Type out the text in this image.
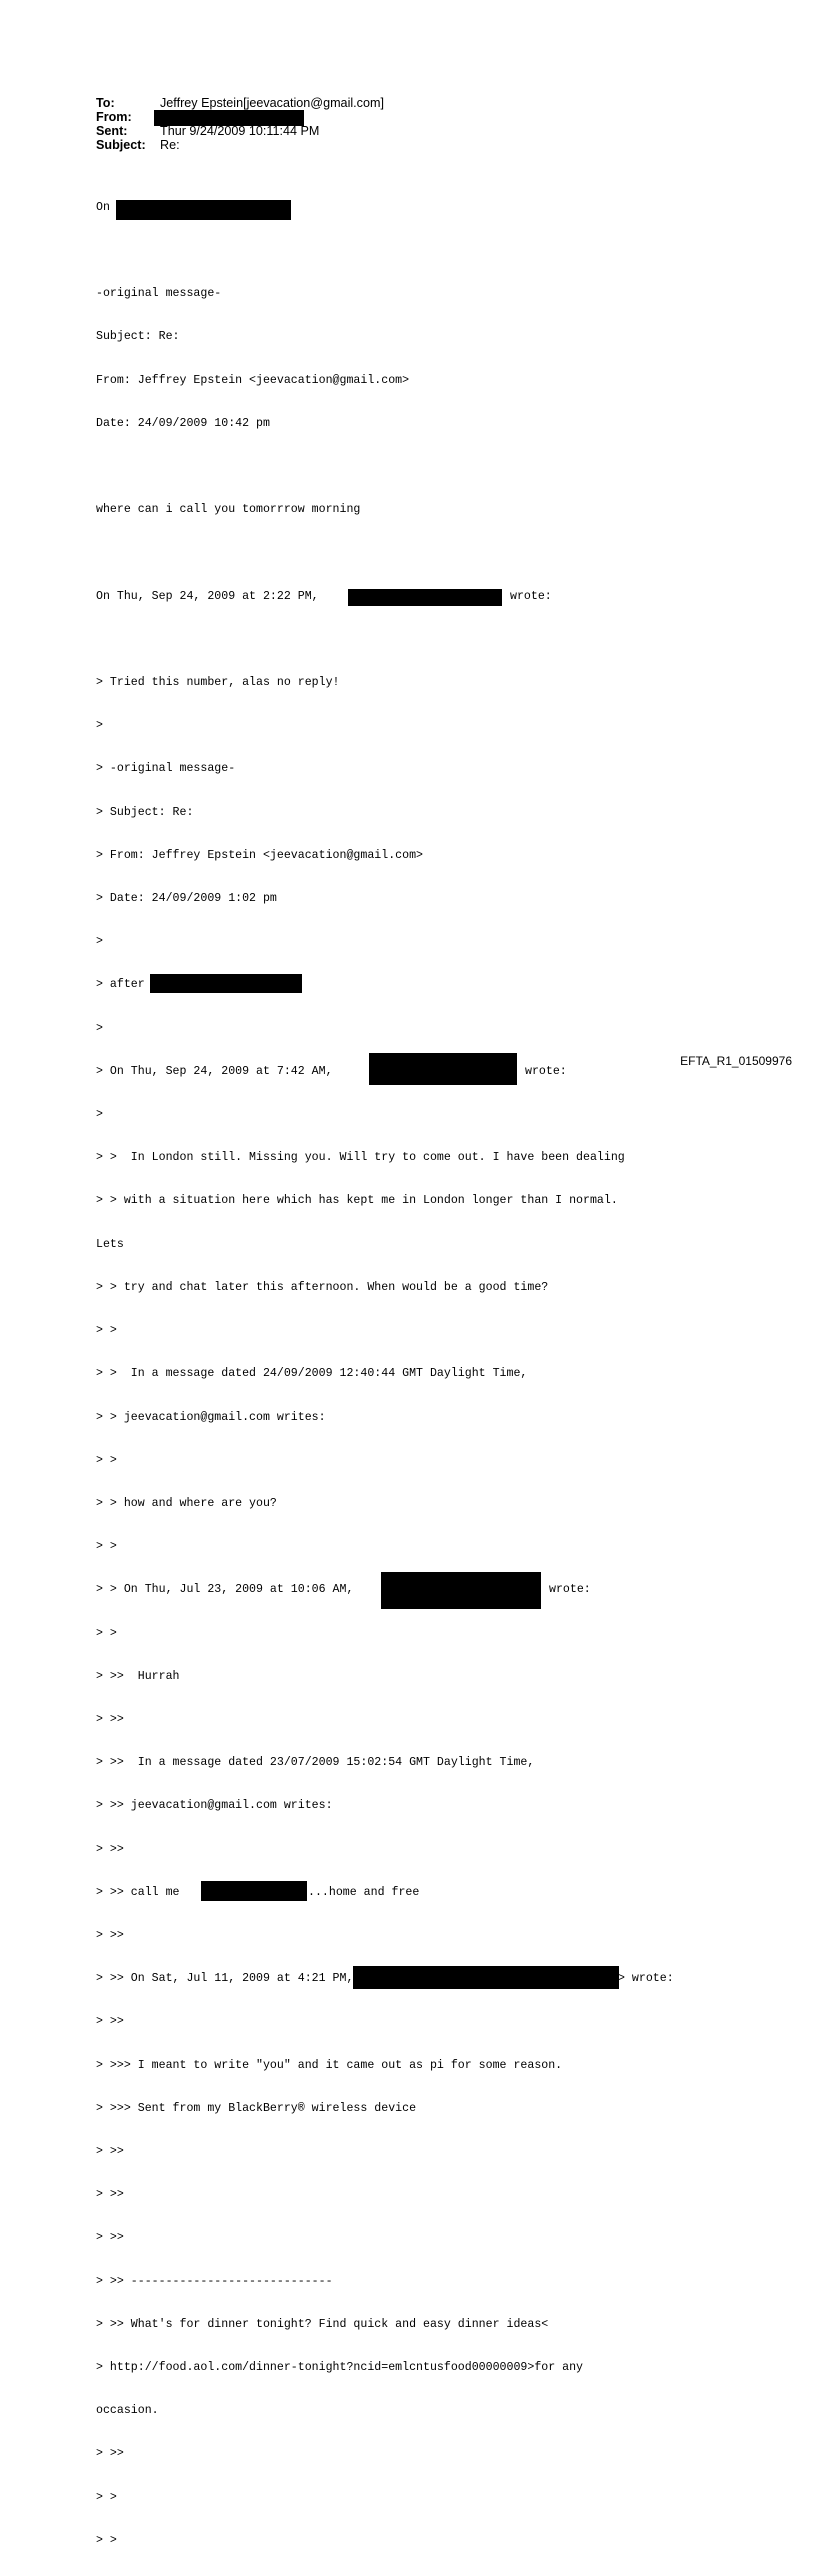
To:	Jeffrey Epstein[jeevacation@gmail.com]
From:
Sent:	Thur 9/24/2009 10:11:44 PM
Subject: Re:

On

-original message-

Subject: Re:

From: Jeffrey Epstein <jeevacation@gmail.com>

Date: 24/09/2009 10:42 pm

where can i call you tomorrrow morning

On Thu, Sep 24, 2009 at 2:22 PM,	wrote:

> Tried this number, alas no reply!

>

> -original message-

> Subject: Re:

> From: Jeffrey Epstein <jeevacation@gmail.com>

> Date: 24/09/2009 1:02 pm

>

> after

>

> On Thu, Sep 24, 2009 at 7:42 AM,	wrote:

>

> >  In London still. Missing you. Will try to come out. I have been dealing

> > with a situation here which has kept me in London longer than I normal.

Lets

> > try and chat later this afternoon. When would be a good time?

> >

> >  In a message dated 24/09/2009 12:40:44 GMT Daylight Time,

> > jeevacation@gmail.com writes:

> >

> > how and where are you?

> >

> > On Thu, Jul 23, 2009 at 10:06 AM,	wrote:

> >

> >>  Hurrah

> >>

> >>  In a message dated 23/07/2009 15:02:54 GMT Daylight Time,

> >> jeevacation@gmail.com writes:

> >>

> >> call me	...home and free

> >>

> >> On Sat, Jul 11, 2009 at 4:21 PM,	> wrote:

> >>

> >>> I meant to write "you" and it came out as pi for some reason.

> >>> Sent from my BlackBerry® wireless device

> >>

> >>

> >>

> >> -----------------------------

> >> What's for dinner tonight? Find quick and easy dinner ideas<

> http://food.aol.com/dinner-tonight?ncid=emlcntusfood00000009>for any

occasion.

> >>

> >

> >

EFTA_R1_01509976
